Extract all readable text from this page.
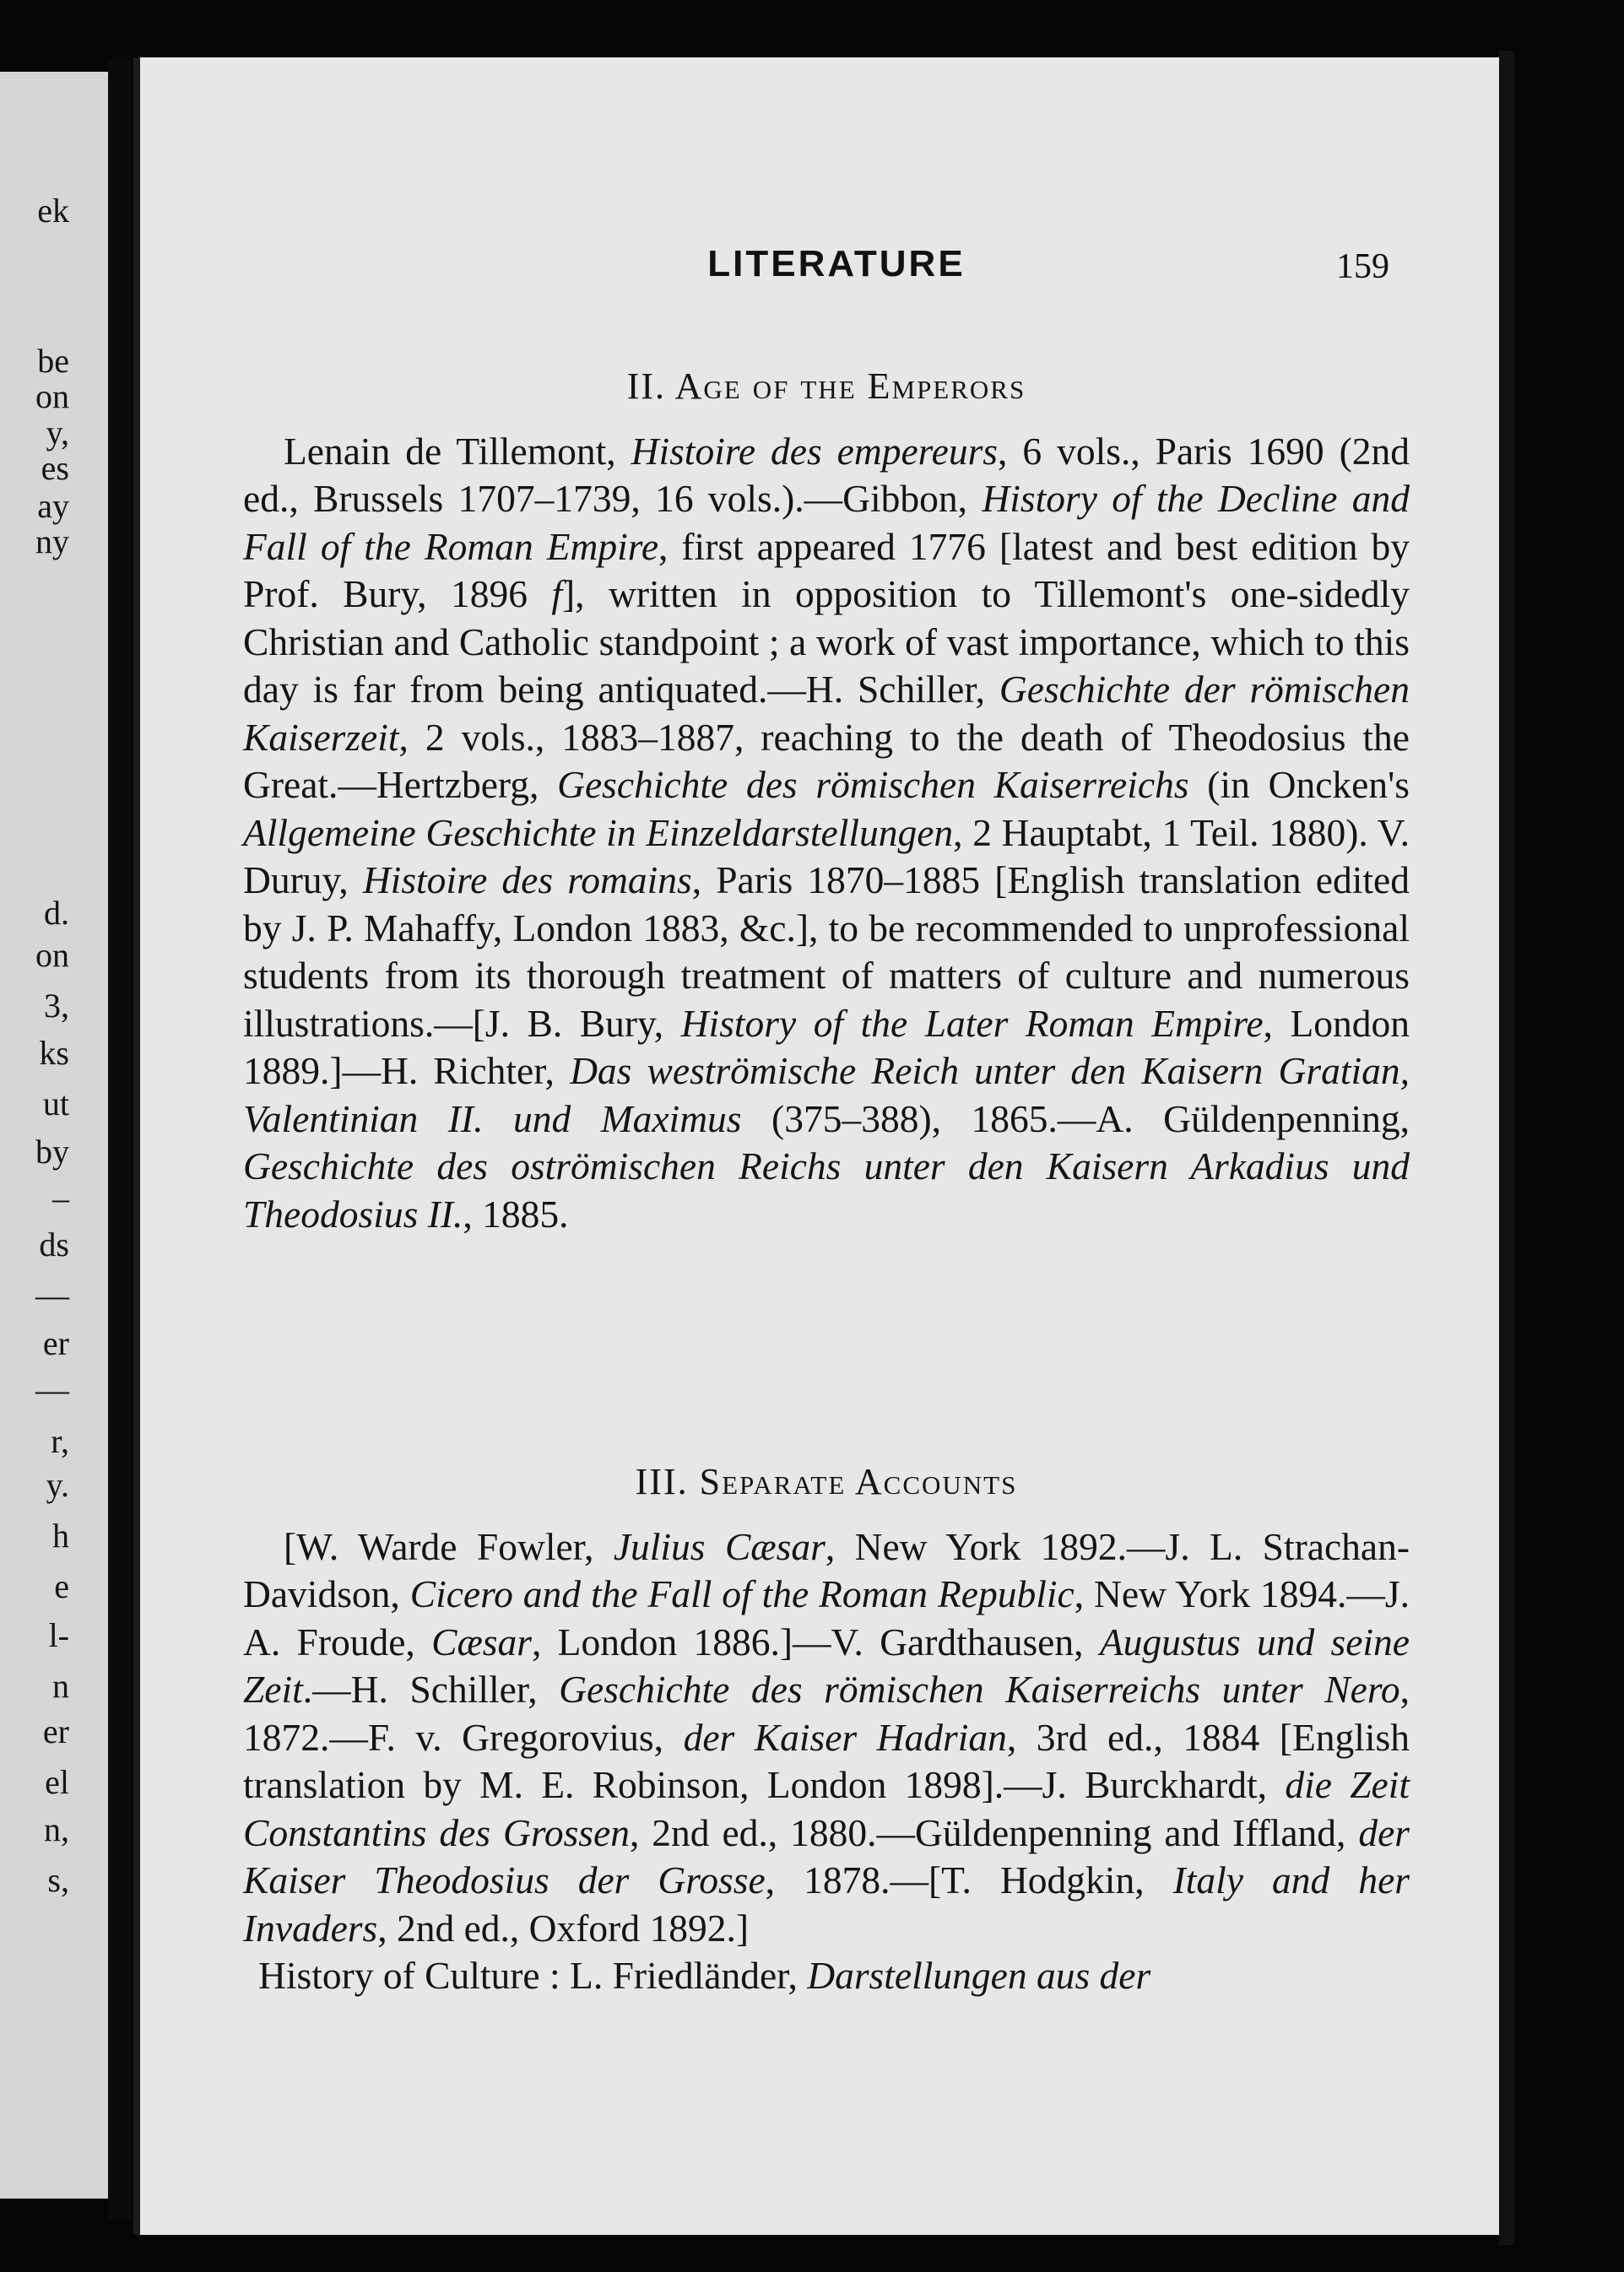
ek
be
on
y,
es
ay
ny
d.
on
3,
ks
ut
by
–
ds
—
er
—
r,
y.
h
e
l-
n
er
el
n,
s,
LITERATURE	159
II. Age of the Emperors

Lenain de Tillemont, Histoire des empereurs, 6 vols., Paris 1690 (2nd ed., Brussels 1707–1739, 16 vols.).—Gibbon, History of the Decline and Fall of the Roman Empire, first appeared 1776 [latest and best edition by Prof. Bury, 1896 f], written in opposition to Tillemont's one-sidedly Christian and Catholic standpoint ; a work of vast importance, which to this day is far from being antiquated.—H. Schiller, Geschichte der römischen Kaiserzeit, 2 vols., 1883–1887, reaching to the death of Theodosius the Great.—Hertzberg, Geschichte des römischen Kaiserreichs (in Oncken's Allgemeine Geschichte in Einzeldarstellungen, 2 Hauptabt, 1 Teil. 1880). V. Duruy, Histoire des romains, Paris 1870–1885 [English translation edited by J. P. Mahaffy, London 1883, &c.], to be recommended to unprofessional students from its thorough treatment of matters of culture and numerous illustrations.—[J. B. Bury, History of the Later Roman Empire, London 1889.]—H. Richter, Das weströmische Reich unter den Kaisern Gratian, Valentinian II. und Maximus (375–388), 1865.—A. Güldenpenning, Geschichte des oströmischen Reichs unter den Kaisern Arkadius und Theodosius II., 1885.

III. Separate Accounts

[W. Warde Fowler, Julius Cæsar, New York 1892.—J. L. Strachan-Davidson, Cicero and the Fall of the Roman Republic, New York 1894.—J. A. Froude, Cæsar, London 1886.]—V. Gardthausen, Augustus und seine Zeit.—H. Schiller, Geschichte des römischen Kaiserreichs unter Nero, 1872.—F. v. Gregorovius, der Kaiser Hadrian, 3rd ed., 1884 [English translation by M. E. Robinson, London 1898].—J. Burckhardt, die Zeit Constantins des Grossen, 2nd ed., 1880.—Güldenpenning and Iffland, der Kaiser Theodosius der Grosse, 1878.—[T. Hodgkin, Italy and her Invaders, 2nd ed., Oxford 1892.]

History of Culture : L. Friedländer, Darstellungen aus der
